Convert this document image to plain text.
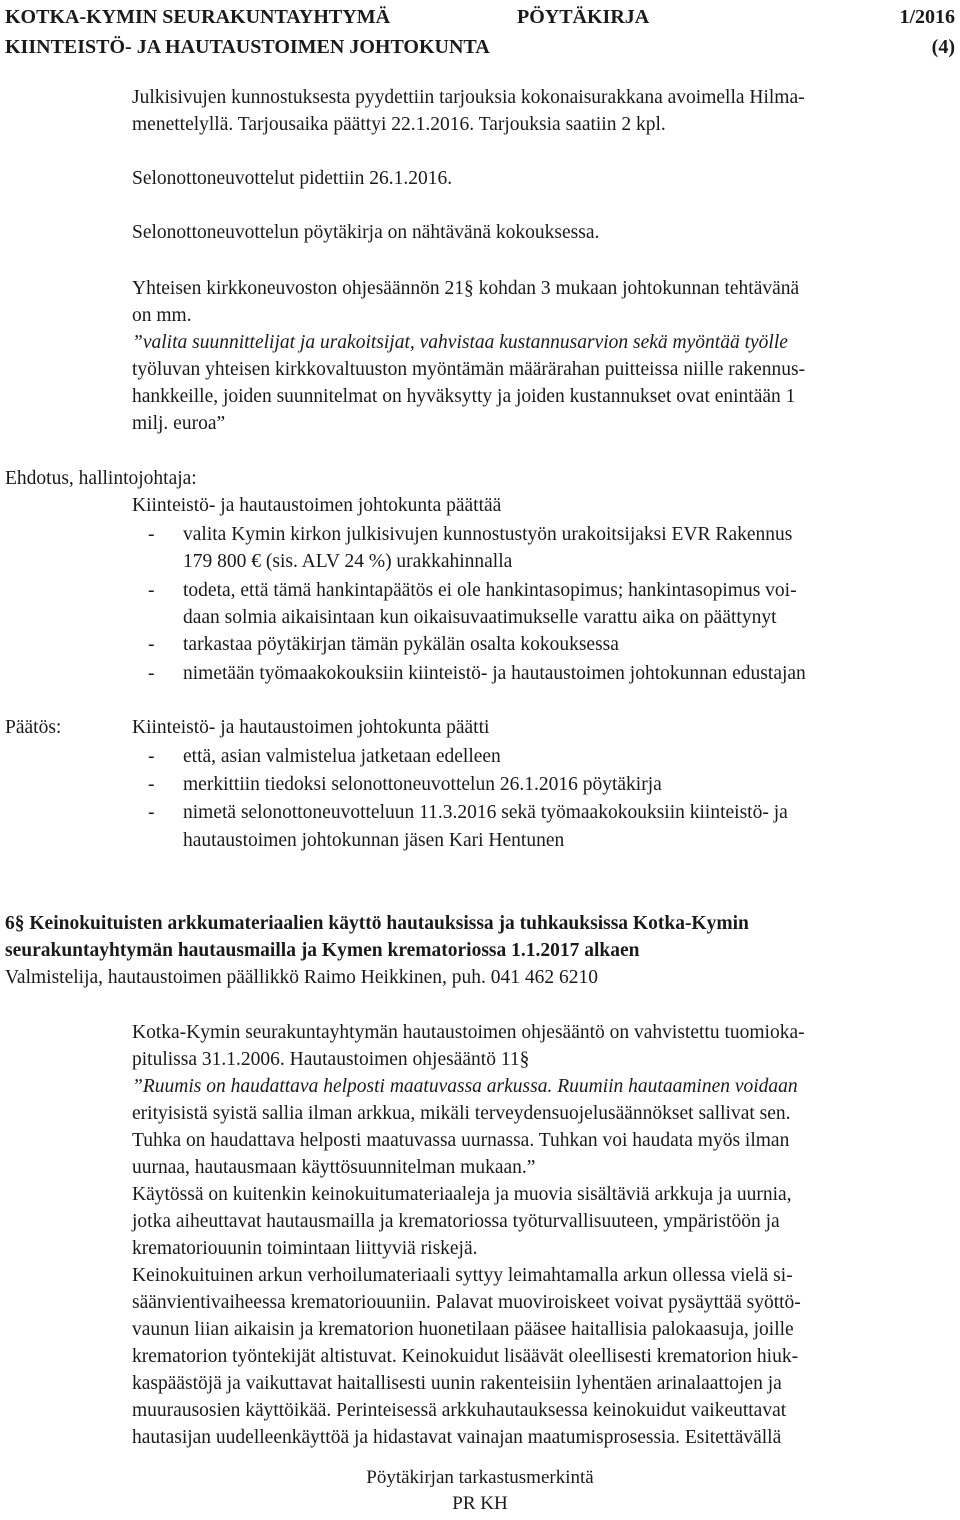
KOTKA-KYMIN SEURAKUNTAYHTYMÄ	PÖYTÄKIRJA	1/2016
KIINTEISTÖ- JA HAUTAUSTOIMEN JOHTOKUNTA	(4)
Julkisivujen kunnostuksesta pyydettiin tarjouksia kokonaisurakkana avoimella Hilma-
menettelyllä. Tarjousaika päättyi 22.1.2016. Tarjouksia saatiin 2 kpl.
Selonottoneuvottelut pidettiin 26.1.2016.
Selonottoneuvottelun pöytäkirja on nähtävänä kokouksessa.
Yhteisen kirkkoneuvoston ohjesäännön 21§ kohdan 3 mukaan johtokunnan tehtävänä
on mm.
”valita suunnittelijat ja urakoitsijat, vahvistaa kustannusarvion sekä myöntää työlle
työluvan yhteisen kirkkovaltuuston myöntämän määrärahan puitteissa niille rakennus-
hankkeille, joiden suunnitelmat on hyväksytty ja joiden kustannukset ovat enintään 1
milj. euroa”
Ehdotus, hallintojohtaja:
Kiinteistö- ja hautaustoimen johtokunta päättää
- valita Kymin kirkon julkisivujen kunnostustyön urakoitsijaksi EVR Rakennus
179 800 € (sis. ALV 24 %) urakkahinnalla
- todeta, että tämä hankintapäätös ei ole hankintasopimus; hankintasopimus voi-
daan solmia aikaisintaan kun oikaisuvaatimukselle varattu aika on päättynyt
- tarkastaa pöytäkirjan tämän pykälän osalta kokouksessa
- nimetään työmaakokouksiin kiinteistö- ja hautaustoimen johtokunnan edustajan
Päätös:	Kiinteistö- ja hautaustoimen johtokunta päätti
- että, asian valmistelua jatketaan edelleen
- merkittiin tiedoksi selonottoneuvottelun 26.1.2016 pöytäkirja
- nimetä selonottoneuvotteluun 11.3.2016 sekä työmaakokouksiin kiinteistö- ja
hautaustoimen johtokunnan jäsen Kari Hentunen
6§ Keinokuituisten arkkumateriaalien käyttö hautauksissa ja tuhkauksissa Kotka-Kymin
seurakuntayhtymän hautausmailla ja Kymen krematoriossa 1.1.2017 alkaen
Valmistelija, hautaustoimen päällikkö Raimo Heikkinen, puh. 041 462 6210
Kotka-Kymin seurakuntayhtymän hautaustoimen ohjesääntö on vahvistettu tuomioka-
pitulissa 31.1.2006. Hautaustoimen ohjesääntö 11§
”Ruumis on haudattava helposti maatuvassa arkussa. Ruumiin hautaaminen voidaan
erityisistä syistä sallia ilman arkkua, mikäli terveydensuojelusäännökset sallivat sen.
Tuhka on haudattava helposti maatuvassa uurnassa. Tuhkan voi haudata myös ilman
uurnaa, hautausmaan käyttösuunnitelman mukaan.”
Käytössä on kuitenkin keinokuitumateriaaleja ja muovia sisältäviä arkkuja ja uurnia,
jotka aiheuttavat hautausmailla ja krematoriossa työturvallisuuteen, ympäristöön ja
krematoriouunin toimintaan liittyviä riskejä.
Keinokuituinen arkun verhoilumateriaali syttyy leimahtamalla arkun ollessa vielä si-
säänvientivaiheessa krematoriouuniin. Palavat muoviroiskeet voivat pysäyttää syöttö-
vaunun liian aikaisin ja krematorion huonetilaan pääsee haitallisia palokaasuja, joille
krematorion työntekijät altistuvat. Keinokuidut lisäävät oleellisesti krematorion hiuk-
kaspäästöjä ja vaikuttavat haitallisesti uunin rakenteisiin lyhentäen arinalaattojen ja
muurausosien käyttöikää. Perinteisessä arkkuhautauksessa keinokuidut vaikeuttavat
hautasijan uudelleenkäyttöä ja hidastavat vainajan maatumisprosessia. Esitettävällä
Pöytäkirjan tarkastusmerkintä
PR KH
